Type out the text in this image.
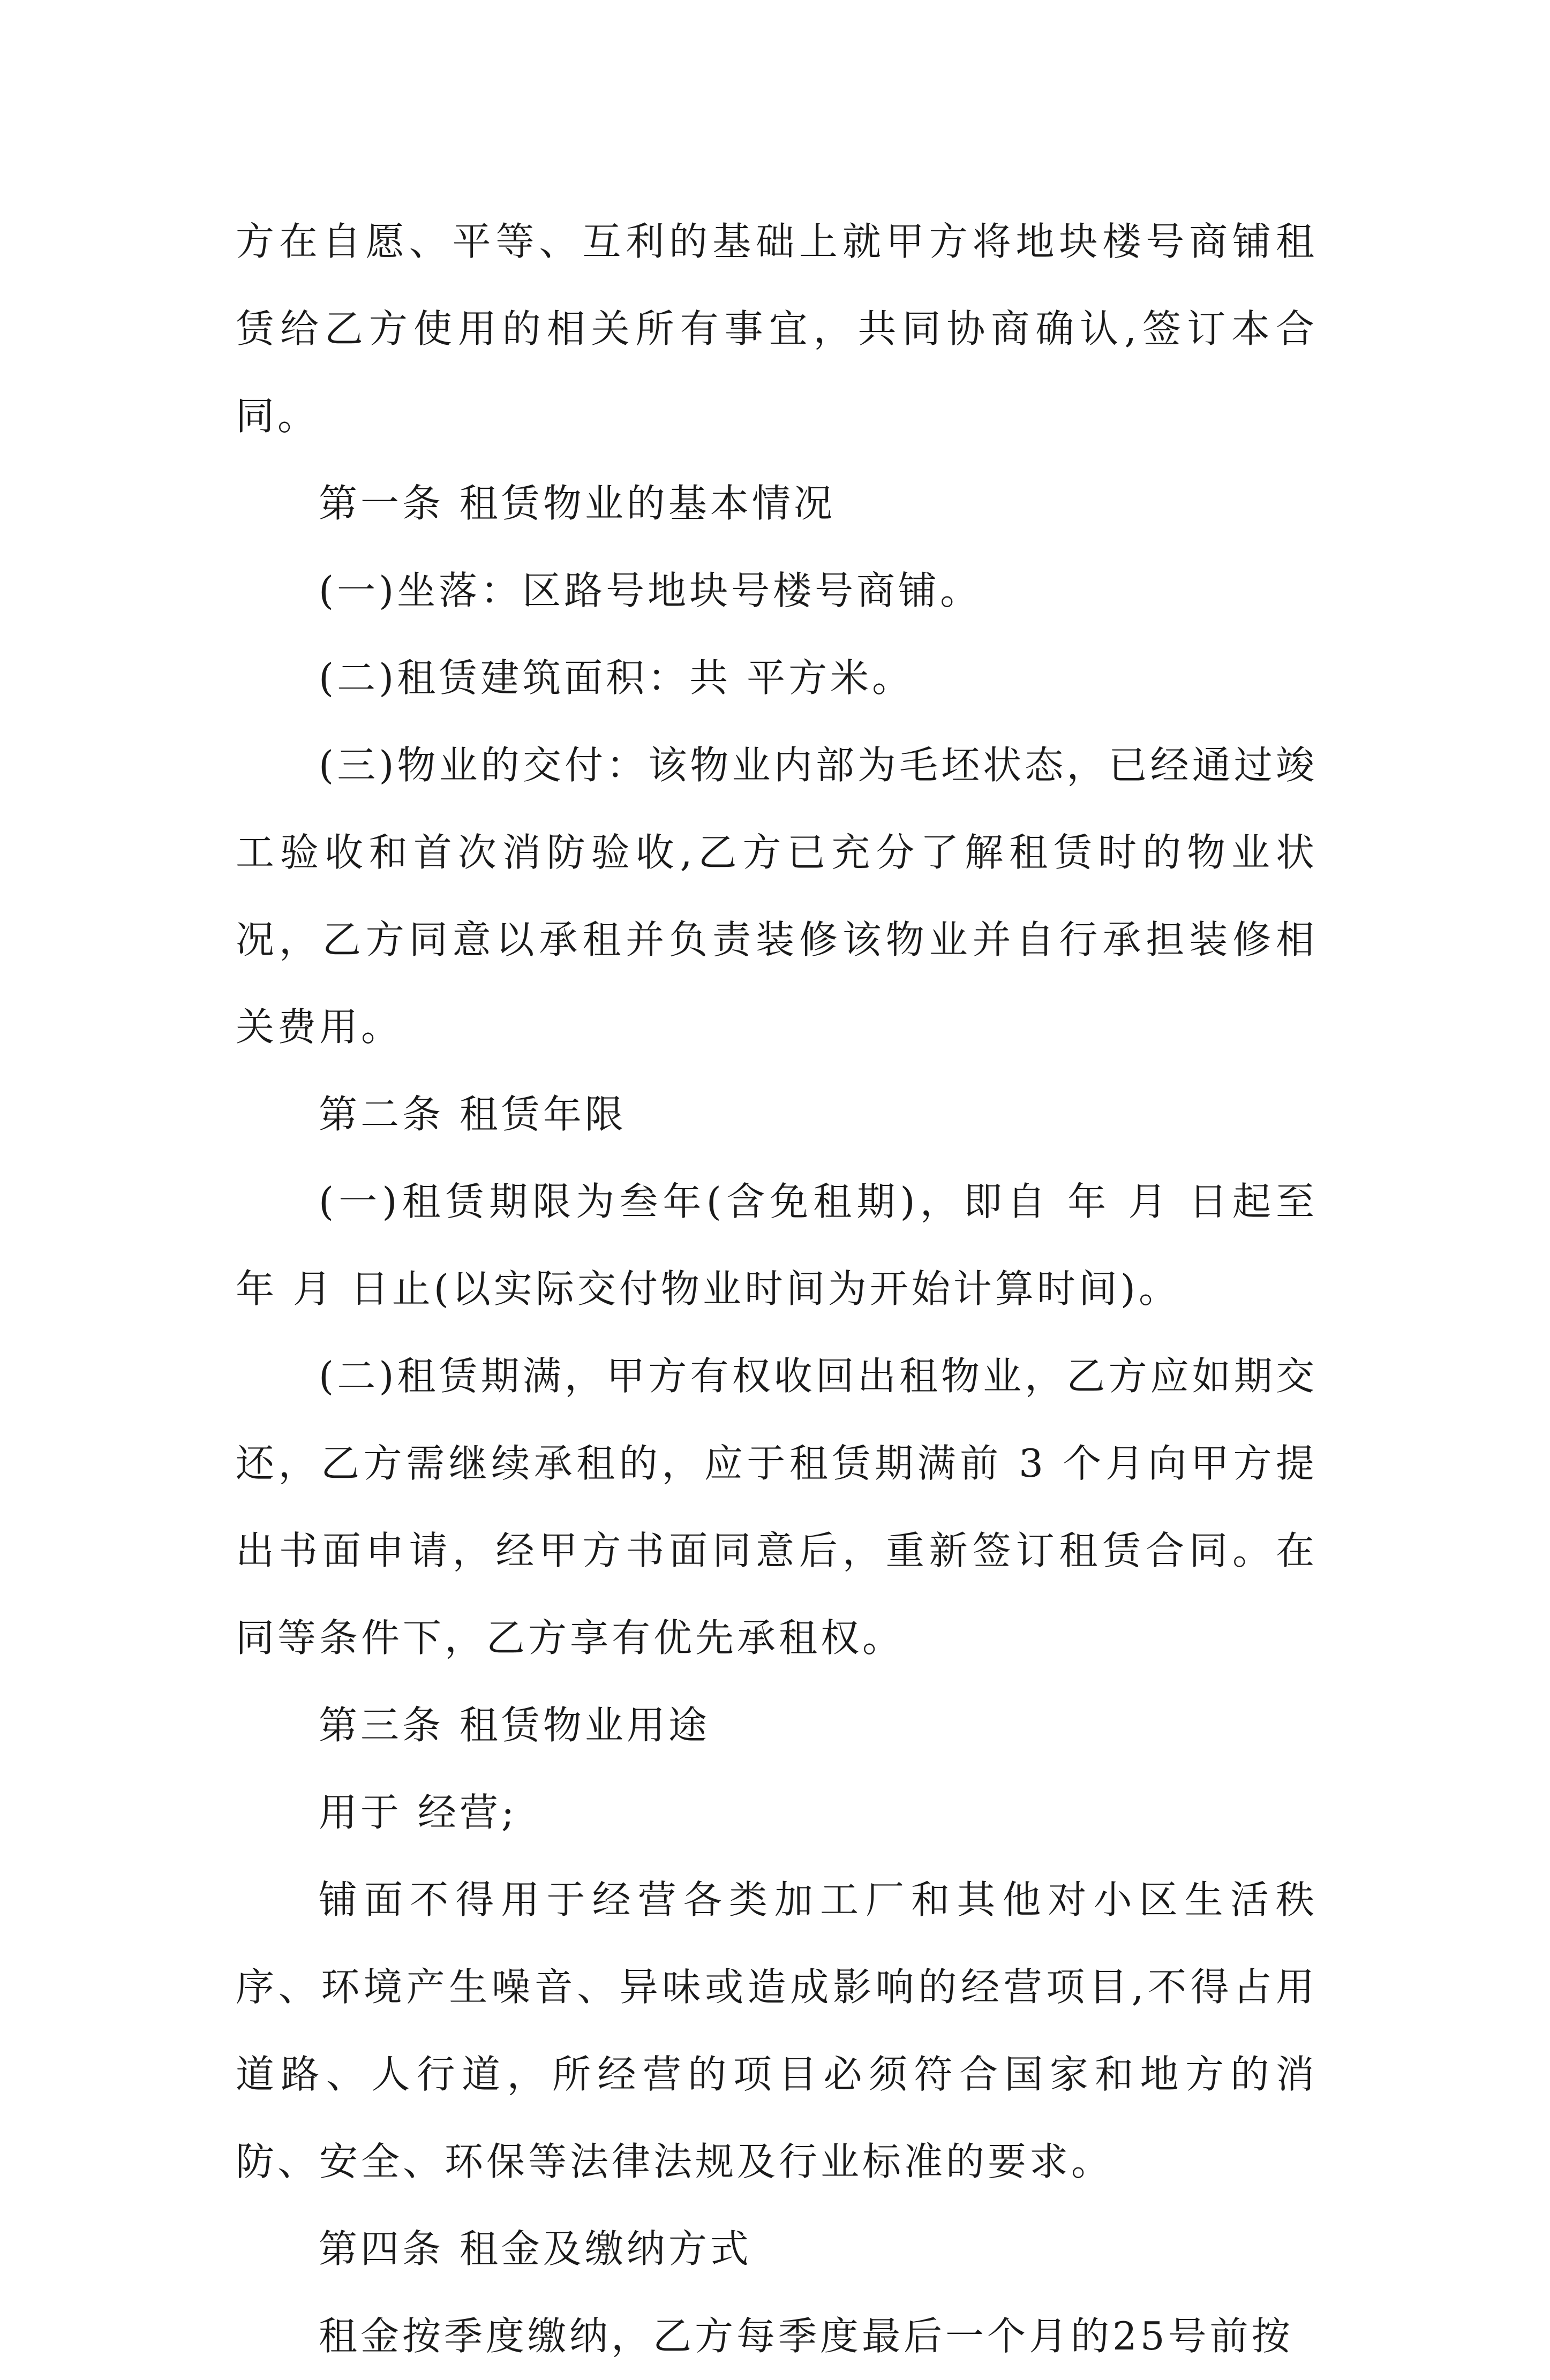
方在自愿、平等、互利的基础上就甲方将地块楼号商铺租赁给乙方使用的相关所有事宜，共同协商确认,签订本合同。

第一条 租赁物业的基本情况

(一)坐落：区路号地块号楼号商铺。

(二)租赁建筑面积：共 平方米。

(三)物业的交付：该物业内部为毛坯状态，已经通过竣工验收和首次消防验收,乙方已充分了解租赁时的物业状况，乙方同意以承租并负责装修该物业并自行承担装修相关费用。

第二条 租赁年限

(一)租赁期限为叁年(含免租期)，即自 年 月 日起至 年 月 日止(以实际交付物业时间为开始计算时间)。

(二)租赁期满，甲方有权收回出租物业，乙方应如期交还，乙方需继续承租的，应于租赁期满前 3 个月向甲方提出书面申请，经甲方书面同意后，重新签订租赁合同。在同等条件下，乙方享有优先承租权。

第三条 租赁物业用途

用于 经营;

铺面不得用于经营各类加工厂和其他对小区生活秩序、环境产生噪音、异味或造成影响的经营项目,不得占用道路、人行道，所经营的项目必须符合国家和地方的消防、安全、环保等法律法规及行业标准的要求。

第四条 租金及缴纳方式

租金按季度缴纳，乙方每季度最后一个月的25号前按
